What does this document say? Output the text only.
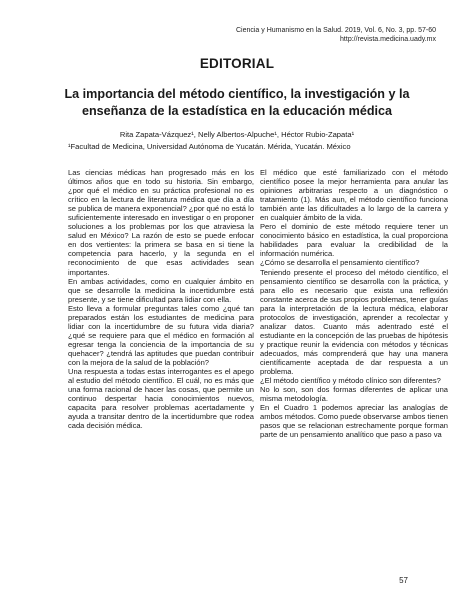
Ciencia y Humanismo en la Salud. 2019, Vol. 6, No. 3, pp. 57-60
http://revista.medicina.uady.mx
EDITORIAL
La importancia del método científico, la investigación y la
enseñanza de la estadística en la educación médica
Rita Zapata-Vázquez¹, Nelly Albertos-Alpuche¹, Héctor Rubio-Zapata¹
¹Facultad de Medicina, Universidad Autónoma de Yucatán. Mérida, Yucatán. México

Las ciencias médicas han progresado más en los últimos años que en todo su historia. Sin embargo, ¿por qué el médico en su práctica profesional no es crítico en la lectura de literatura médica que día a día se publica de manera exponencial? ¿por qué no está lo suficientemente interesado en investigar o en proponer soluciones a los problemas por los que atraviesa la salud en México? La razón de esto se puede enfocar en dos vertientes: la primera se basa en si tiene la competencia para hacerlo, y la segunda en el reconocimiento de que esas actividades sean importantes.

En ambas actividades, como en cualquier ámbito en que se desarrolle la medicina la incertidumbre está presente, y se tiene dificultad para lidiar con ella.

Esto lleva a formular preguntas tales como ¿qué tan preparados están los estudiantes de medicina para lidiar con la incertidumbre de su futura vida diaria? ¿qué se requiere para que el médico en formación al egresar tenga la conciencia de la importancia de su quehacer? ¿tendrá las aptitudes que puedan contribuir con la mejora de la salud de la población?

Una respuesta a todas estas interrogantes es el apego al estudio del método científico. El cuál, no es más que una forma racional de hacer las cosas, que permite un continuo despertar hacia conocimientos nuevos, capacita para resolver problemas acertadamente y ayuda a transitar dentro de la incertidumbre que rodea cada decisión médica.

El médico que esté familiarizado con el método científico posee la mejor herramienta para anular las opiniones arbitrarias respecto a un diagnóstico o tratamiento (1). Más aun, el método científico funciona también ante las dificultades a lo largo de la carrera y en cualquier ámbito de la vida.

Pero el dominio de este método requiere tener un conocimiento básico en estadística, la cual proporciona habilidades para evaluar la credibilidad de la información numérica.

¿Cómo se desarrolla el pensamiento científico?

Teniendo presente el proceso del método científico, el pensamiento científico se desarrolla con la práctica, y para ello es necesario que exista una reflexión constante acerca de sus propios problemas, tener guías para la interpretación de la lectura médica, elaborar protocolos de investigación, aprender a recolectar y analizar datos. Cuanto más adentrado esté el estudiante en la concepción de las pruebas de hipótesis y practique reunir la evidencia con métodos y técnicas adecuados, más comprenderá que hay una manera científicamente aceptada de dar respuesta a un problema.

¿El método científico y método clínico son diferentes?

No lo son, son dos formas diferentes de aplicar una misma metodología.

En el Cuadro 1 podemos apreciar las analogías de ambos métodos. Como puede observarse ambos tienen pasos que se relacionan estrechamente porque forman parte de un pensamiento analítico que paso a paso va

57
